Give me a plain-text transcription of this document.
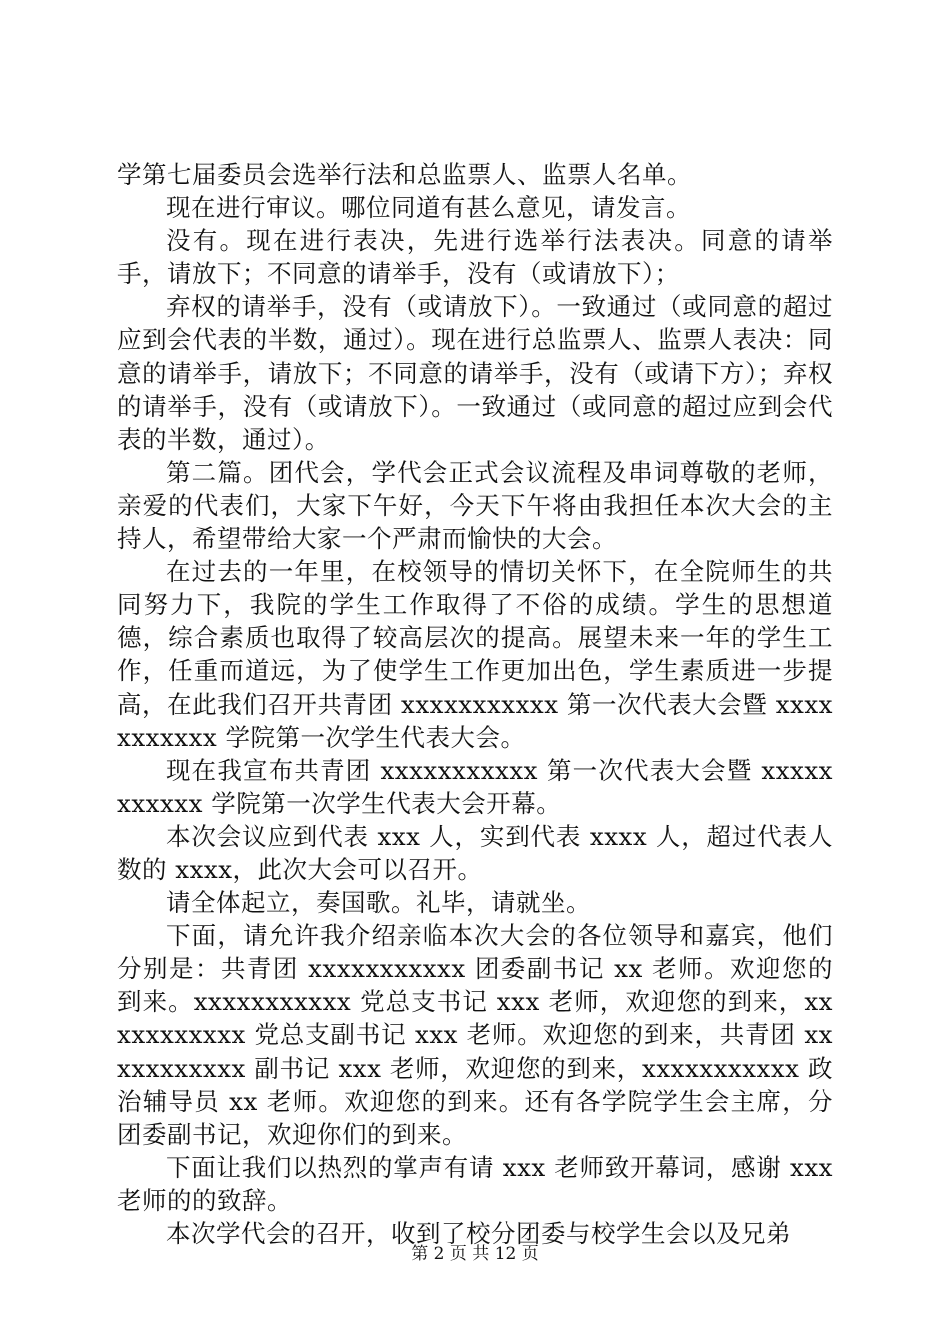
学第七届委员会选举行法和总监票人、监票人名单。

现在进行审议。哪位同道有甚么意见，请发言。

没有。现在进行表决，先进行选举行法表决。同意的请举手，请放下；不同意的请举手，没有（或请放下）；

弃权的请举手，没有（或请放下）。一致通过（或同意的超过应到会代表的半数，通过）。现在进行总监票人、监票人表决：同意的请举手，请放下；不同意的请举手，没有（或请下方）；弃权的请举手，没有（或请放下）。一致通过（或同意的超过应到会代表的半数，通过）。

第二篇。团代会，学代会正式会议流程及串词尊敬的老师，亲爱的代表们，大家下午好，今天下午将由我担任本次大会的主持人，希望带给大家一个严肃而愉快的大会。

在过去的一年里，在校领导的情切关怀下，在全院师生的共同努力下，我院的学生工作取得了不俗的成绩。学生的思想道德，综合素质也取得了较高层次的提高。展望未来一年的学生工作，任重而道远，为了使学生工作更加出色，学生素质进一步提高，在此我们召开共青团 xxxxxxxxxxx 第一次代表大会暨 xxxxxxxxxxx 学院第一次学生代表大会。

现在我宣布共青团 xxxxxxxxxxx 第一次代表大会暨 xxxxxxxxxxx 学院第一次学生代表大会开幕。

本次会议应到代表 xxx 人，实到代表 xxxx 人，超过代表人数的 xxxx，此次大会可以召开。

请全体起立，奏国歌。礼毕，请就坐。

下面，请允许我介绍亲临本次大会的各位领导和嘉宾，他们分别是：共青团 xxxxxxxxxxx 团委副书记 xx 老师。欢迎您的到来。xxxxxxxxxxx 党总支书记 xxx 老师，欢迎您的到来，xxxxxxxxxxx 党总支副书记 xxx 老师。欢迎您的到来，共青团 xxxxxxxxxxx 副书记 xxx 老师，欢迎您的到来，xxxxxxxxxxx 政治辅导员 xx 老师。欢迎您的到来。还有各学院学生会主席，分团委副书记，欢迎你们的到来。

下面让我们以热烈的掌声有请 xxx 老师致开幕词，感谢 xxx 老师的的致辞。

本次学代会的召开，收到了校分团委与校学生会以及兄弟

第 2 页 共 12 页
